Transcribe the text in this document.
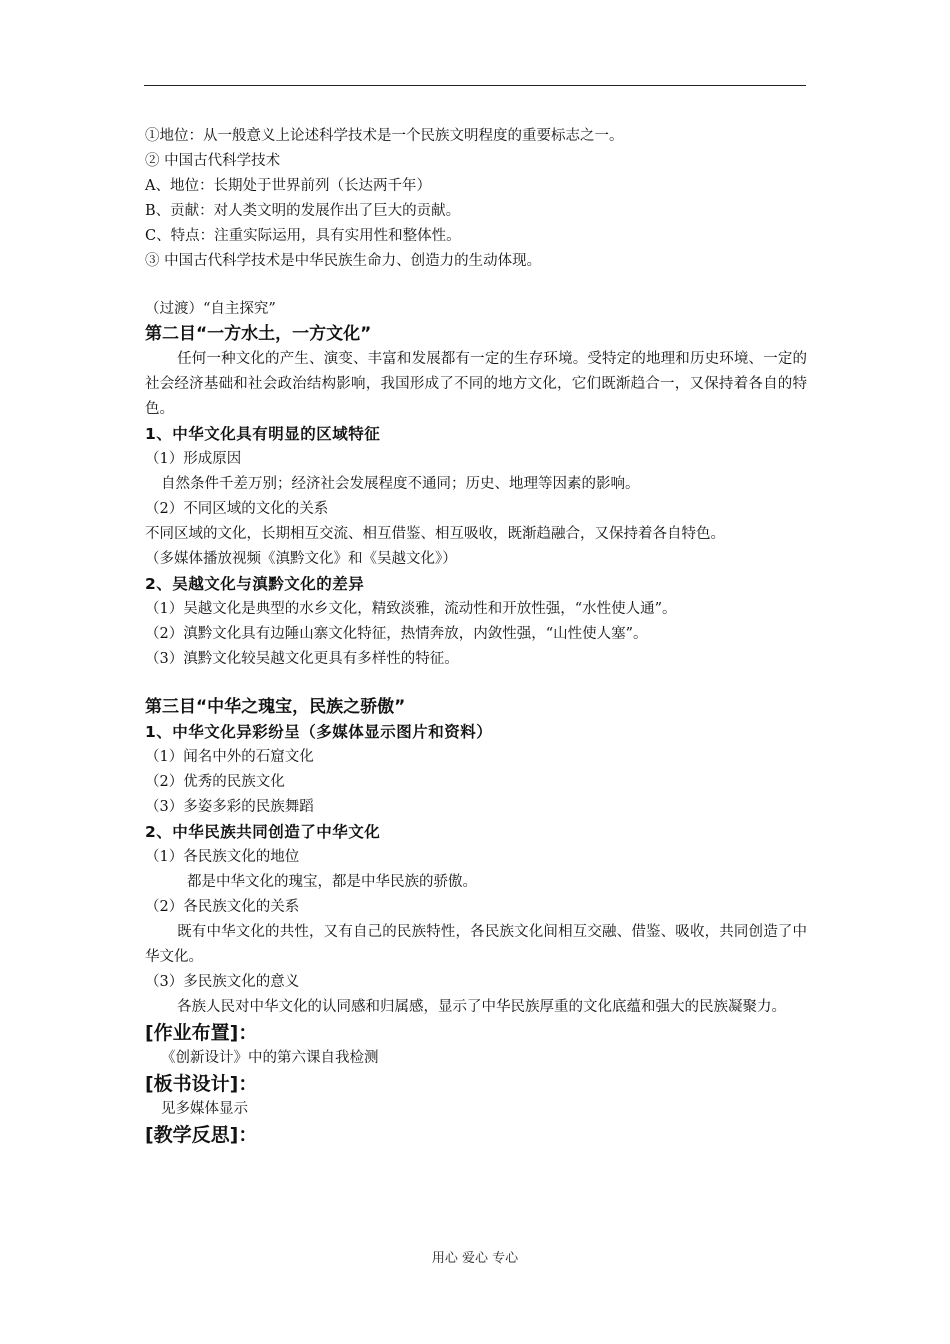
①地位：从一般意义上论述科学技术是一个民族文明程度的重要标志之一。

② 中国古代科学技术

A、地位：长期处于世界前列（长达两千年）

B、贡献：对人类文明的发展作出了巨大的贡献。

C、特点：注重实际运用，具有实用性和整体性。

③ 中国古代科学技术是中华民族生命力、创造力的生动体现。

（过渡）“自主探究”

第二目“一方水土，一方文化”

任何一种文化的产生、演变、丰富和发展都有一定的生存环境。受特定的地理和历史环境、一定的社会经济基础和社会政治结构影响，我国形成了不同的地方文化，它们既渐趋合一，又保持着各自的特色。

1、中华文化具有明显的区域特征

（1）形成原因

自然条件千差万别；经济社会发展程度不通同；历史、地理等因素的影响。

（2）不同区域的文化的关系

不同区域的文化，长期相互交流、相互借鉴、相互吸收，既渐趋融合，又保持着各自特色。

（多媒体播放视频《滇黔文化》和《吴越文化》）

2、吴越文化与滇黔文化的差异

（1）吴越文化是典型的水乡文化，精致淡雅，流动性和开放性强，“水性使人通”。

（2）滇黔文化具有边陲山寨文化特征，热情奔放，内敛性强，“山性使人塞”。

（3）滇黔文化较吴越文化更具有多样性的特征。

第三目“中华之瑰宝，民族之骄傲”

1、中华文化异彩纷呈（多媒体显示图片和资料）

（1）闻名中外的石窟文化

（2）优秀的民族文化

（3）多姿多彩的民族舞蹈

2、中华民族共同创造了中华文化

（1）各民族文化的地位

都是中华文化的瑰宝，都是中华民族的骄傲。

（2）各民族文化的关系

既有中华文化的共性，又有自己的民族特性，各民族文化间相互交融、借鉴、吸收，共同创造了中华文化。

（3）多民族文化的意义

各族人民对中华文化的认同感和归属感，显示了中华民族厚重的文化底蕴和强大的民族凝聚力。

[作业布置]：

《创新设计》中的第六课自我检测

[板书设计]：

见多媒体显示

[教学反思]：

用心 爱心 专心
